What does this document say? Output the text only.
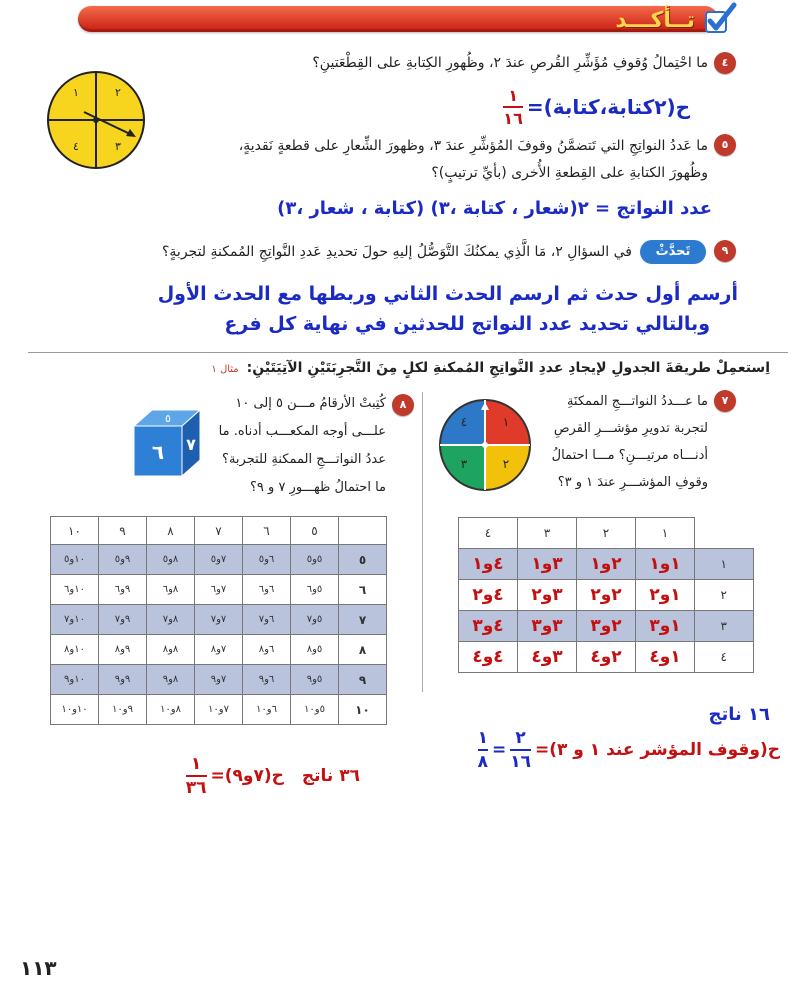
تــأكـــد
٤
ما احْتِمالُ وُقوفِ مُؤَشِّرِ القُرصِ عندَ ٢، وظُهورِ الكِتابةِ على القِطْعَتينِ؟
١	٢
٣
٤
ح(٢كتابة،كتابة)=
$\frac{١}{١٦}$
٥
ما عَددُ النواتِجِ التي تَتضمَّنُ وقوفَ المُؤشِّرِ عندَ ٣، وظهورَ الشِّعارِ على قطعةٍ نَقديةٍ،
وظُهورَ الكتابةِ على القِطعةِ الأُخرى (بأيِّ ترتيبٍ)؟
عدد النواتج = ٢(شعار ، كتابة ،٣) (كتابة ، شعار ،٣)
٩
تَحدَّثْ
في السؤالِ ٢، مَا الَّذِي يمكنُكَ التَّوَصُّلُ إليهِ حولَ تحديدِ عَددِ النَّواتِجِ المُمكنةِ لتجربةٍ؟
أرسم أول حدث ثم ارسم الحدث الثاني وربطها مع الحدث الأول
وبالتالي تحديد عدد النواتج للحدثين في نهاية كل فرع
اِستعمِلْ طريقةَ الجدولِ لإيجادِ عددِ النَّواتِجِ المُمكنةِ لكلٍ مِنَ التَّجرِبَتَيْنِ الآتِيَتَيْنِ:
مثال ١
٧
ما عـــددُ النواتـــجِ الممكنَةِ
لتجربة تدويرِ مؤشـــرِ القرصِ
أدنـــاه مرتيـــنِ؟ مـــا احتمالُ
وقوفِ المؤشـــرِ عندَ ١ و ٣؟
١
٢
٣
٤
٤	٣	٢	١	
٤و١	٣و١	٢و١	١و١	١
٤و٢	٣و٢	٢و٢	١و٢	٢
٤و٣	٣و٣	٢و٣	١و٣	٣
٤و٤	٣و٤	٢و٤	١و٤	٤
١٦ ناتج
ح(وقوف المؤشر عند ١ و ٣)=
$\frac{٢}{١٦}$
=
$\frac{١}{٨}$
٨
كُتِبتْ الأرقامُ مـــن ٥ إلى ١٠
علـــى أوجه المكعـــب أدناه. ما
عددُ النواتـــجِ الممكنةِ للتجربة؟
ما احتمالُ ظهـــورِ ٧ و ٩؟
٥
٦ ٧
١٠	٩	٨	٧	٦	٥	
١٠و٥	٩و٥	٨و٥	٧و٥	٦و٥	٥و٥	٥
١٠و٦	٩و٦	٨و٦	٧و٦	٦و٦	٥و٦	٦
١٠و٧	٩و٧	٨و٧	٧و٧	٦و٧	٥و٧	٧
١٠و٨	٩و٨	٨و٨	٧و٨	٦و٨	٥و٨	٨
١٠و٩	٩و٩	٨و٩	٧و٩	٦و٩	٥و٩	٩
١٠و١٠	٩و١٠	٨و١٠	٧و١٠	٦و١٠	٥و١٠	١٠
٣٦ ناتج
ح(٧و٩)=
$\frac{١}{٣٦}$
١١٣
